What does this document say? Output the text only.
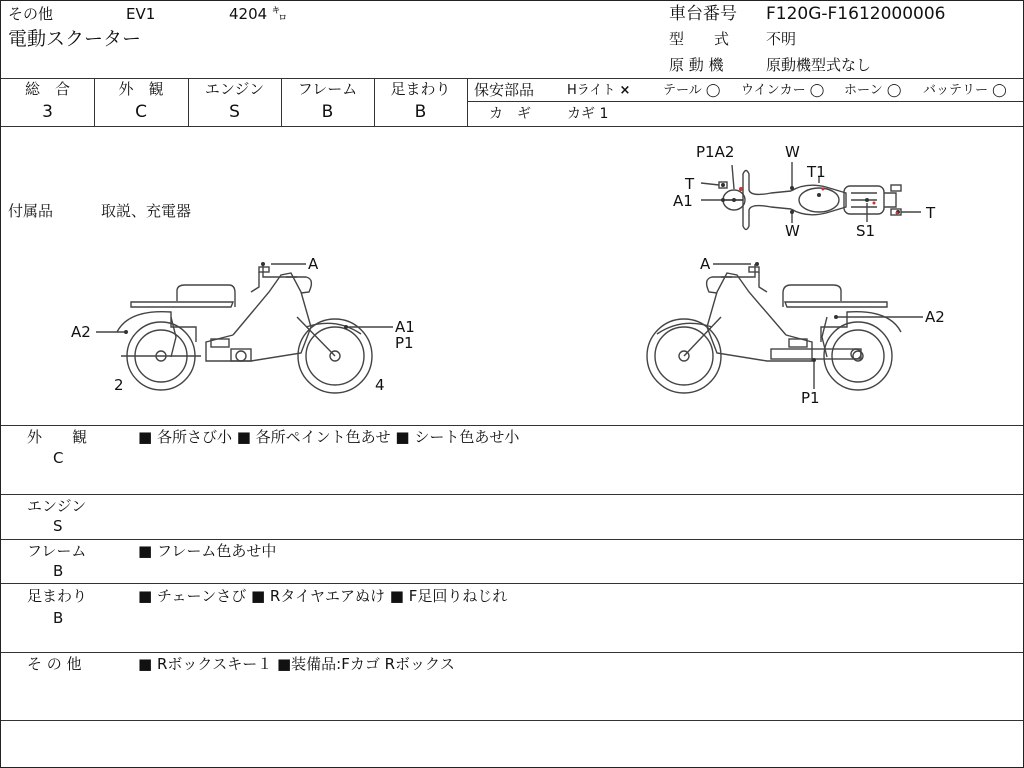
その他	EV1	4204 ㌔
電動スクーター
車台番号 F120G-F1612000006
型　　式 不明
原 動 機	原動機型式なし
総　合	外　観	エンジン	フレーム	足まわり
3	C	S	B	B
保安部品	Hライト ×	テール ◯ ウインカー ◯ ホーン ◯ バッテリー ◯
カ　ギ	カギ 1
付属品	取説、充電器
A
A2	A1
P1
2	4
A
A2
P1
P1A2	W
T1
T
A1
W	S1
T
外　　観
C
■ 各所さび小 ■ 各所ペイント色あせ ■ シート色あせ小
エンジン
S
フレーム
B
■ フレーム色あせ中
足まわり
B
■ チェーンさび ■ Rタイヤエアぬけ ■ F足回りねじれ
そ の 他	■ Rボックスキー１ ■装備品:Fカゴ Rボックス
